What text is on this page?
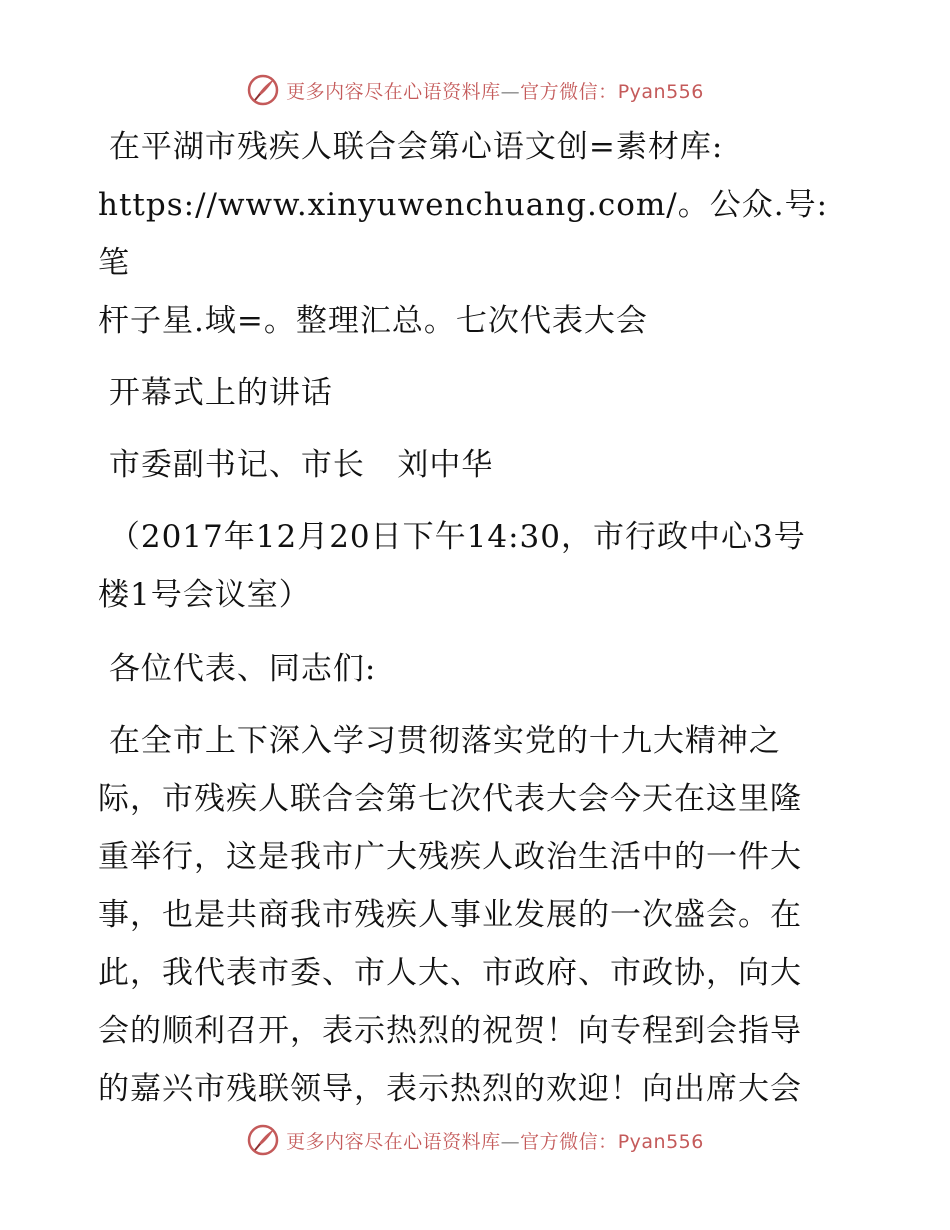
更多内容尽在心语资料库—官方微信：Pyan556

在平湖市残疾人联合会第心语文创=素材库:

https://www.xinyuwenchuang.com/。公众.号: 笔

杆子星.域=。整理汇总。七次代表大会

开幕式上的讲话

市委副书记、市长   刘中华

（2017年12月20日下午14:30，市行政中心3号

楼1号会议室）

各位代表、同志们:

在全市上下深入学习贯彻落实党的十九大精神之

际，市残疾人联合会第七次代表大会今天在这里隆

重举行，这是我市广大残疾人政治生活中的一件大

事，也是共商我市残疾人事业发展的一次盛会。在

此，我代表市委、市人大、市政府、市政协，向大

会的顺利召开，表示热烈的祝贺！向专程到会指导

的嘉兴市残联领导，表示热烈的欢迎！向出席大会

更多内容尽在心语资料库—官方微信：Pyan556
